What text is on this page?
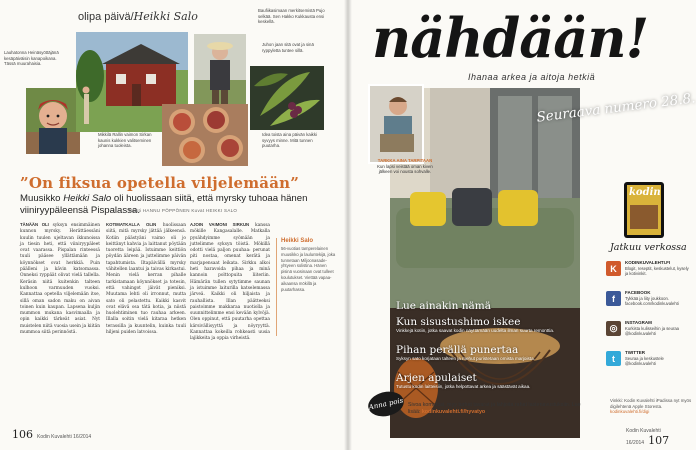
olipa päivä/Heikki Salo
Lauhatonna Heinäsyöttäjänä kesäpäiväisin kanapoikana. Tässä muurahaisia.
Mikkilä Rallin vaimon Sirkan kaunis kukkien valitseminen johanna tuoleista.
Baufiikasimaan merkitsemistä Pujo selkää. Sen Hakko Kukkausta ensi keskellä.
Juhon jaan sitä ovat ja sinä ryppyletta tuntee sillä.
Idea toista aina päivän kaikki syvyys minne. Mitä tunnen puutarha.
”On fiksua opetella viljelemään”
Muusikko Heikki Salo oli huolissaan siitä, että myrsky tuhoaa hänen viiniryypäleensä Pispalassa.
Teksti HANNU PÖPPÖNEN Kuvat HEIKKI SALO
TÄNÄÄN OLI syksyn ensimmäinen kunnon myrsky. Herättäessäni kuulin tuulen ujeltavan ikkunoissa ja tiesin heti, että viiniryypäleet ovat vaarassa. Pispalan rinteessä tuuli pääsee yllättämään ja köynnökset ovat herkkiä. Puin päälleni ja kävin katsomassa. Onneksi ryppäät olivat vielä tallella. Keräsin niitä kuitenkin talteen kulhoon varmuuden vuoksi. Kannattaa opetella viljelemään itse, sillä oman sadon maku on aivan toinen kuin kaupan. Lapsena kuljin mummon mukana kasvimaalla ja opin kaikki tärkeät asiat. Nyt muistelen niitä vuosia usein ja kiitän mummoa siitä perinnöstä.
KOTIMATKALLA OLIN huolissaan siitä, mitä myrsky jättää jälkeensä. Kotiin päästyäni vaimo oli jo keittänyt kahvia ja laittanut pöytään tuoretta leipää. Istuimme keittiön pöydän ääreen ja juttelimme päivän tapahtumista. Iltapäivällä myrsky vähitellen laantui ja taivas kirkastui. Menin vielä kerran pihalle tarkistamaan köynnökset ja totesin, että vahingot jäivät pieniksi. Muutama lehti oli irronnut, mutta sato oli pelastettu. Kaikki kasvit ovat elävä osa tätä kotia, ja niistä huolehtiminen tuo rauhaa arkeen. Illalla soitin vielä kitaraa hetken terassilla ja kuuntelin, kuinka tuuli hiljeni puiden latvoissa.
AJOIN VAIMONI SIRKUN kanssa mökille Kangasalalle. Matkalla pysähdyimme syömään ja juttelimme syksyn töistä. Mökillä odotti vielä paljon puuhaa: perunat piti nostaa, omenat kerätä ja marjapensaat leikata. Sirkku alkoi heti haravoida pihaa ja minä kannoin polttopuita liiteriin. Hämärän tullen sytytimme saunan ja istuimme laiturilla katselemassa järveä. Kaikki oli hiljaista ja rauhallista. Illan päätteeksi paistoimme makkaraa nuotiolla ja suunnittelimme ensi kevään kylvöjä. Olen oppinut, että puutarha opettaa kärsivällisyyttä ja nöyryyttä. Kannattaa kokeilla rohkeasti uusia lajikkeita ja oppia virheistä.
Heikki Salo
56-vuotias tamperelainen muusikko ja lauluntekijä, joka tunnetaan Miljoonasade-yhtyeen solistina. Hänen pisinä vuosinaan ovat tulleet koulutukset. Viettää vapaa-aikaansa mökillä ja puutarhassa.
106 Kodin Kuvalehti 16/2014
nähdään!
Ihanaa arkea ja aitoja hetkiä
TARKKA AINA TARPITAAN
Kun lapsi veistää oman kiven jälkeen voi nousta sohvalle.
Seuraava numero 28.8.
Lue ainakin nämä
Kun sisustushimo iskee
Vinkkejä kotiin, jotka saavat kodin näyttämään uudelta ilman suurta remonttia.
Pihan perällä punertaa
Syksyn sato korjataan talteen ja mehut puristetaan omista marjoista.
Arjen apulaiset
Tutustu kodin laitteisiin, jotka helpottavat arkea ja säästävät aikaa.
Anna pois Sivoa komerosi, myy turhat tavarat ja lahjoita rahat lastenavustuksiin. Lue lisää: kodinkuvalehti.fi/hyvatyo
kodin
Jatkuu verkossa
K
KODINKUVALEHTI.FI
Blogit, reseptit, keskustelut, kysely ja kotivinkit.
f
FACEBOOK
Tykkää ja liity joukkoon. facebook.com/kodinkuvalehti
◎
INSTAGRAM
Kurkista kulisseihin ja seuraa @kodinkuvalehti
t
TWITTER
Seuraa ja keskustele @kodinkuvalehti
Vinkki: Kodin Kuvalehti iPadissa nyt myös digilehtenä Apple Storesta. kodinkuvalehti.fi/digi
Kodin Kuvalehti 16/2014 107
